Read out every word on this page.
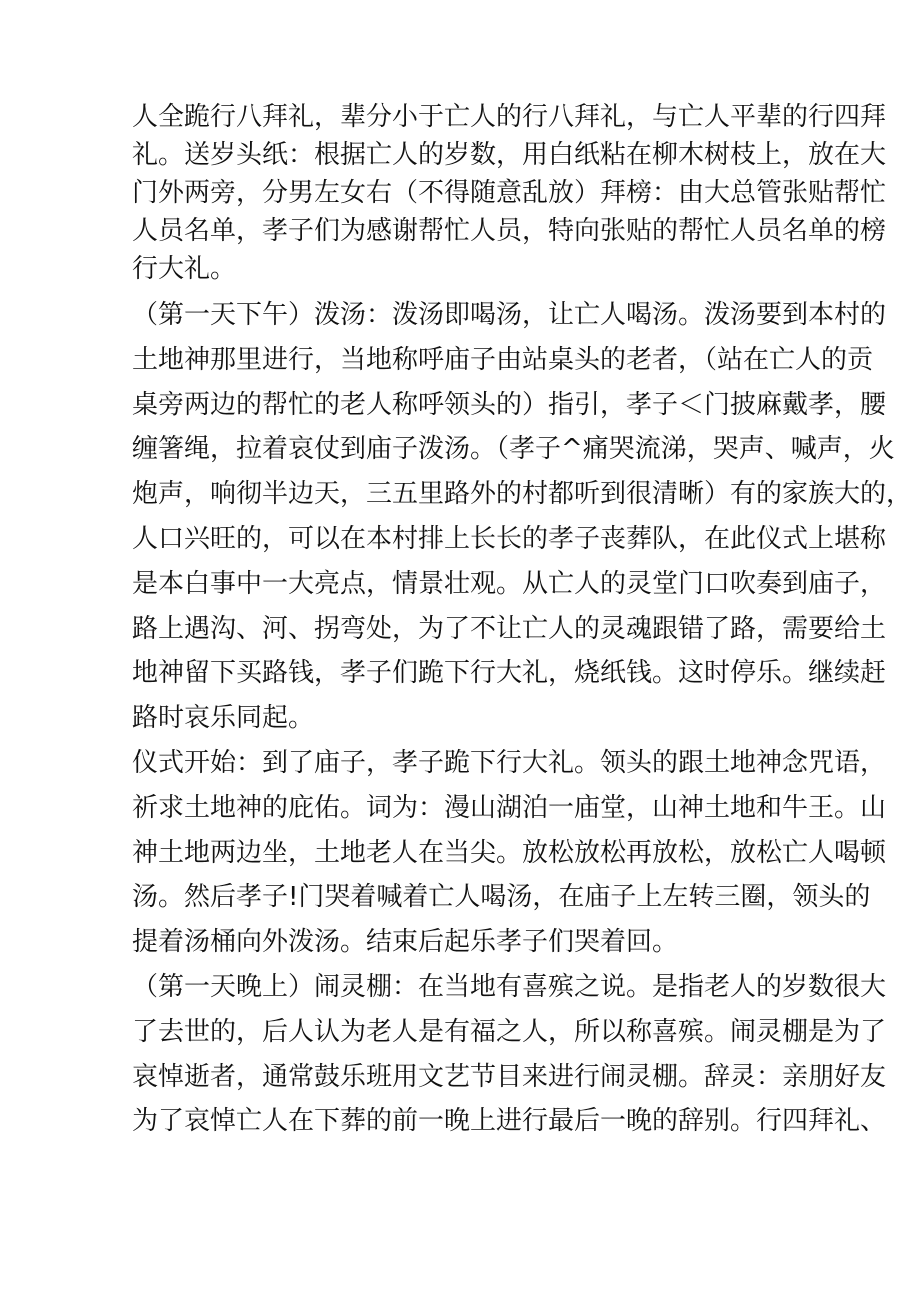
人全跪行八拜礼，辈分小于亡人的行八拜礼，与亡人平辈的行四拜
礼。送岁头纸：根据亡人的岁数，用白纸粘在柳木树枝上，放在大
门外两旁，分男左女右（不得随意乱放）拜榜：由大总管张贴帮忙
人员名单，孝子们为感谢帮忙人员，特向张贴的帮忙人员名单的榜
行大礼。
（第一天下午）泼汤：泼汤即喝汤，让亡人喝汤。泼汤要到本村的
土地神那里进行，当地称呼庙子由站桌头的老者，（站在亡人的贡
桌旁两边的帮忙的老人称呼领头的）指引，孝子＜门披麻戴孝，腰
缠箸绳，拉着哀仗到庙子泼汤。（孝子^痛哭流涕，哭声、喊声，火
炮声，响彻半边天，三五里路外的村都听到很清晰）有的家族大的，
人口兴旺的，可以在本村排上长长的孝子丧葬队，在此仪式上堪称
是本白事中一大亮点，情景壮观。从亡人的灵堂门口吹奏到庙子，
路上遇沟、河、拐弯处，为了不让亡人的灵魂跟错了路，需要给土
地神留下买路钱，孝子们跪下行大礼，烧纸钱。这时停乐。继续赶
路时哀乐同起。
仪式开始：到了庙子，孝子跪下行大礼。领头的跟土地神念咒语，
祈求土地神的庇佑。词为：漫山湖泊一庙堂，山神土地和牛王。山
神土地两边坐，土地老人在当尖。放松放松再放松，放松亡人喝顿
汤。然后孝子!门哭着喊着亡人喝汤，在庙子上左转三圈，领头的
提着汤桶向外泼汤。结束后起乐孝子们哭着回。
（第一天晚上）闹灵棚：在当地有喜殡之说。是指老人的岁数很大
了去世的，后人认为老人是有福之人，所以称喜殡。闹灵棚是为了
哀悼逝者，通常鼓乐班用文艺节目来进行闹灵棚。辞灵：亲朋好友
为了哀悼亡人在下葬的前一晚上进行最后一晚的辞别。行四拜礼、
